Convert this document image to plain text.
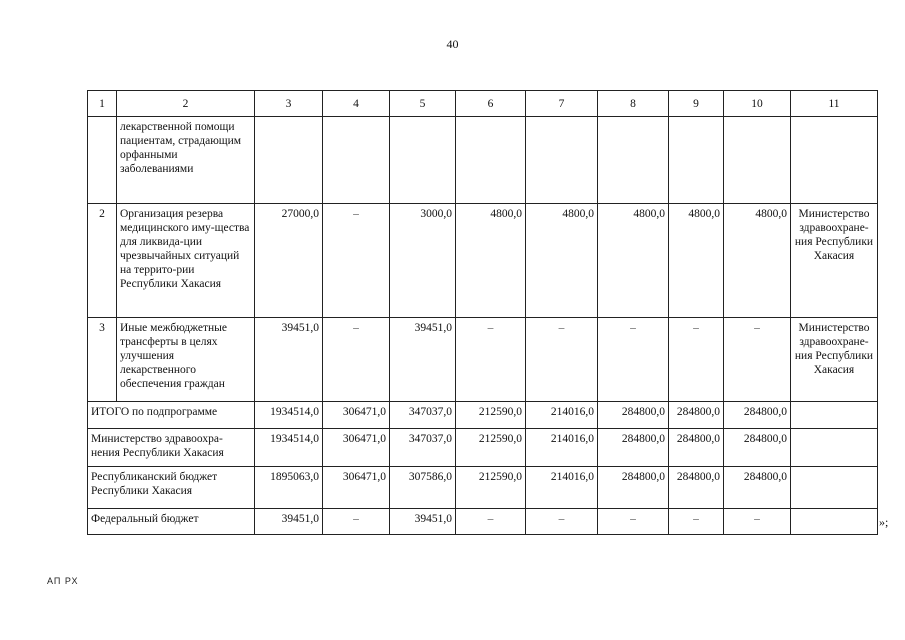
40
1	2	3	4	5	6	7	8	9	10	11
	лекарственной помощи пациентам, страдающим орфанными заболеваниями									
2	Организация резерва медицинского иму-щества для ликвида-ции чрезвычайных ситуаций на террито-рии Республики Хакасия	27000,0	–	3000,0	4800,0	4800,0	4800,0	4800,0	4800,0	Министерство здравоохране-ния Республики Хакасия
3	Иные межбюджетные трансферты в целях улучшения лекарственного обеспечения граждан	39451,0	–	39451,0	–	–	–	–	–	Министерство здравоохране-ния Республики Хакасия
ИТОГО по подпрограмме		1934514,0	306471,0	347037,0	212590,0	214016,0	284800,0	284800,0	284800,0	
Министерство здравоохра-нения Республики Хакасия		1934514,0	306471,0	347037,0	212590,0	214016,0	284800,0	284800,0	284800,0	
Республиканский бюджет Республики Хакасия		1895063,0	306471,0	307586,0	212590,0	214016,0	284800,0	284800,0	284800,0	
Федеральный бюджет		39451,0	–	39451,0	–	–	–	–	–		»;
АП РХ
